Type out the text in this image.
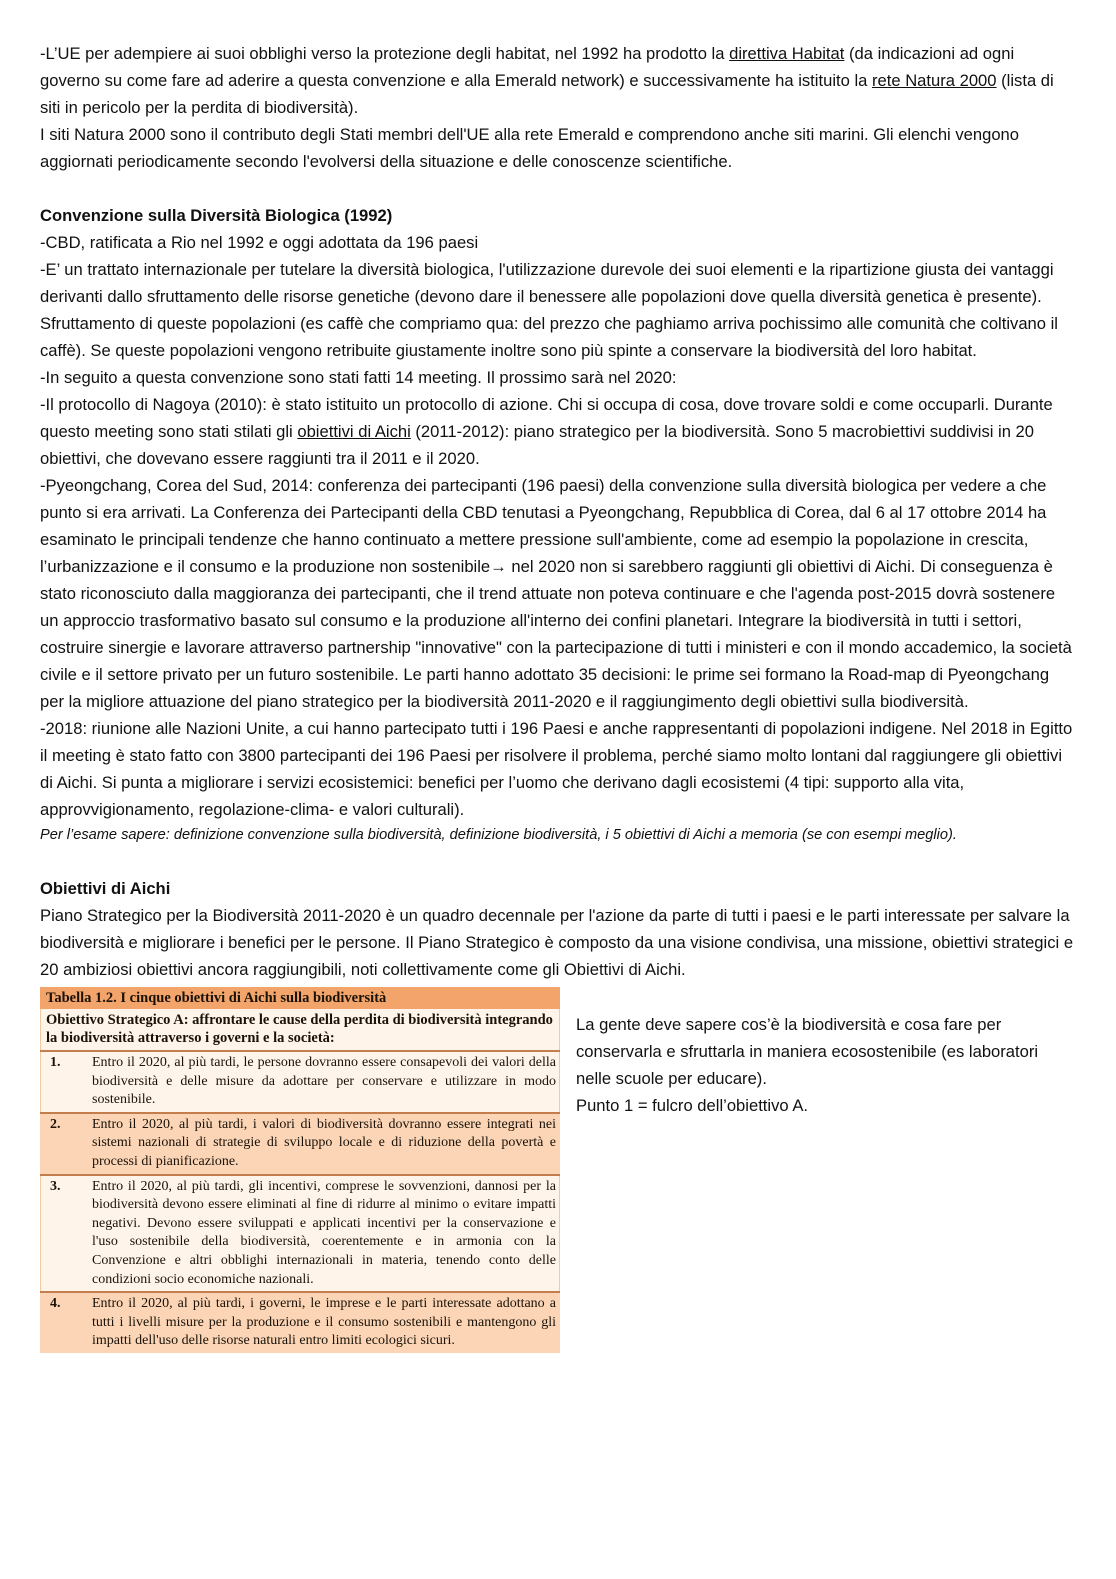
-L’UE per adempiere ai suoi obblighi verso la protezione degli habitat, nel 1992 ha prodotto la direttiva Habitat (da indicazioni ad ogni governo su come fare ad aderire a questa convenzione e alla Emerald network) e successivamente ha istituito la rete Natura 2000 (lista di siti in pericolo per la perdita di biodiversità).

I siti Natura 2000 sono il contributo degli Stati membri dell'UE alla rete Emerald e comprendono anche siti marini. Gli elenchi vengono aggiornati periodicamente secondo l'evolversi della situazione e delle conoscenze scientifiche.

Convenzione sulla Diversità Biologica (1992)

-CBD, ratificata a Rio nel 1992 e oggi adottata da 196 paesi

-E’ un trattato internazionale per tutelare la diversità biologica, l'utilizzazione durevole dei suoi elementi e la ripartizione giusta dei vantaggi derivanti dallo sfruttamento delle risorse genetiche (devono dare il benessere alle popolazioni dove quella diversità genetica è presente). Sfruttamento di queste popolazioni (es caffè che compriamo qua: del prezzo che paghiamo arriva pochissimo alle comunità che coltivano il caffè). Se queste popolazioni vengono retribuite giustamente inoltre sono più spinte a conservare la biodiversità del loro habitat.

-In seguito a questa convenzione sono stati fatti 14 meeting. Il prossimo sarà nel 2020:

-Il protocollo di Nagoya (2010): è stato istituito un protocollo di azione. Chi si occupa di cosa, dove trovare soldi e come occuparli. Durante questo meeting sono stati stilati gli obiettivi di Aichi (2011-2012): piano strategico per la biodiversità. Sono 5 macrobiettivi suddivisi in 20 obiettivi, che dovevano essere raggiunti tra il 2011 e il 2020.

-Pyeongchang, Corea del Sud, 2014: conferenza dei partecipanti (196 paesi) della convenzione sulla diversità biologica per vedere a che punto si era arrivati. La Conferenza dei Partecipanti della CBD tenutasi a Pyeongchang, Repubblica di Corea, dal 6 al 17 ottobre 2014 ha esaminato le principali tendenze che hanno continuato a mettere pressione sull'ambiente, come ad esempio la popolazione in crescita, l’urbanizzazione e il consumo e la produzione non sostenibile→ nel 2020 non si sarebbero raggiunti gli obiettivi di Aichi. Di conseguenza è stato riconosciuto dalla maggioranza dei partecipanti, che il trend attuate non poteva continuare e che l'agenda post-2015 dovrà sostenere un approccio trasformativo basato sul consumo e la produzione all'interno dei confini planetari. Integrare la biodiversità in tutti i settori, costruire sinergie e lavorare attraverso partnership "innovative" con la partecipazione di tutti i ministeri e con il mondo accademico, la società civile e il settore privato per un futuro sostenibile. Le parti hanno adottato 35 decisioni: le prime sei formano la Road-map di Pyeongchang per la migliore attuazione del piano strategico per la biodiversità 2011-2020 e il raggiungimento degli obiettivi sulla biodiversità.

-2018: riunione alle Nazioni Unite, a cui hanno partecipato tutti i 196 Paesi e anche rappresentanti di popolazioni indigene. Nel 2018 in Egitto il meeting è stato fatto con 3800 partecipanti dei 196 Paesi per risolvere il problema, perché siamo molto lontani dal raggiungere gli obiettivi di Aichi. Si punta a migliorare i servizi ecosistemici: benefici per l’uomo che derivano dagli ecosistemi (4 tipi: supporto alla vita, approvvigionamento, regolazione-clima- e valori culturali).

Per l’esame sapere: definizione convenzione sulla biodiversità, definizione biodiversità, i 5 obiettivi di Aichi a memoria (se con esempi meglio).

Obiettivi di Aichi

Piano Strategico per la Biodiversità 2011-2020 è un quadro decennale per l'azione da parte di tutti i paesi e le parti interessate per salvare la biodiversità e migliorare i benefici per le persone. Il Piano Strategico è composto da una visione condivisa, una missione, obiettivi strategici e 20 ambiziosi obiettivi ancora raggiungibili, noti collettivamente come gli Obiettivi di Aichi.

Tabella 1.2. I cinque obiettivi di Aichi sulla biodiversità
Obiettivo Strategico A: affrontare le cause della perdita di biodiversità integrando la biodiversità attraverso i governi e la società:
1.	Entro il 2020, al più tardi, le persone dovranno essere consapevoli dei valori della biodiversità e delle misure da adottare per conservare e utilizzare in modo sostenibile.
2.	Entro il 2020, al più tardi, i valori di biodiversità dovranno essere integrati nei sistemi nazionali di strategie di sviluppo locale e di riduzione della povertà e processi di pianificazione.
3.	Entro il 2020, al più tardi, gli incentivi, comprese le sovvenzioni, dannosi per la biodiversità devono essere eliminati al fine di ridurre al minimo o evitare impatti negativi. Devono essere sviluppati e applicati incentivi per la conservazione e l'uso sostenibile della biodiversità, coerentemente e in armonia con la Convenzione e altri obblighi internazionali in materia, tenendo conto delle condizioni socio economiche nazionali.
4.	Entro il 2020, al più tardi, i governi, le imprese e le parti interessate adottano a tutti i livelli misure per la produzione e il consumo sostenibili e mantengono gli impatti dell'uso delle risorse naturali entro limiti ecologici sicuri.

La gente deve sapere cos’è la biodiversità e cosa fare per conservarla e sfruttarla in maniera ecosostenibile (es laboratori nelle scuole per educare).

Punto 1 = fulcro dell’obiettivo A.
